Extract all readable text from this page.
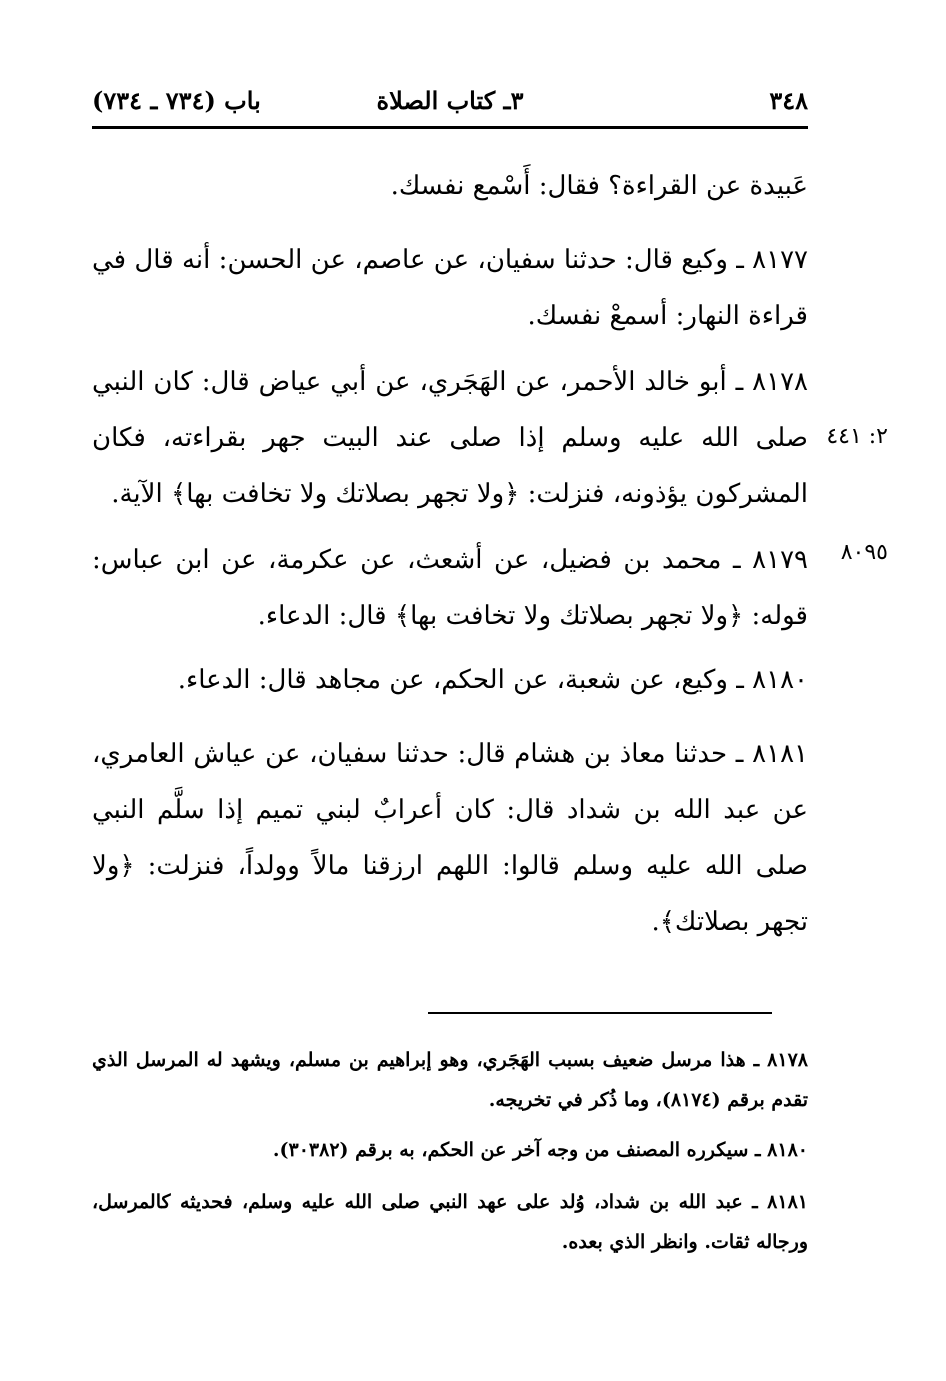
٣٤٨
٣ـ كتاب الصلاة
باب (٧٣٤ ـ ٧٣٤)

عَبيدة عن القراءة؟ فقال: أَسْمع نفسك.

٨١٧٧ ـ وكيع قال: حدثنا سفيان، عن عاصم، عن الحسن: أنه قال في قراءة النهار: أسمعْ نفسك.

٨١٧٨ ـ أبو خالد الأحمر، عن الهَجَري، عن أبي عياض قال: كان النبي صلى الله عليه وسلم إذا صلى عند البيت جهر بقراءته، فكان المشركون يؤذونه، فنزلت: ﴿ولا تجهر بصلاتك ولا تخافت بها﴾ الآية.

٢: ٤٤١

٨١٧٩ ـ محمد بن فضيل، عن أشعث، عن عكرمة، عن ابن عباس: قوله: ﴿ولا تجهر بصلاتك ولا تخافت بها﴾ قال: الدعاء.

٨٠٩٥

٨١٨٠ ـ وكيع، عن شعبة، عن الحكم، عن مجاهد قال: الدعاء.

٨١٨١ ـ حدثنا معاذ بن هشام قال: حدثنا سفيان، عن عياش العامري، عن عبد الله بن شداد قال: كان أعرابٌ لبني تميم إذا سلَّم النبي صلى الله عليه وسلم قالوا: اللهم ارزقنا مالاً وولداً، فنزلت: ﴿ولا تجهر بصلاتك﴾.

٨١٧٨ ـ هذا مرسل ضعيف بسبب الهَجَري، وهو إبراهيم بن مسلم، ويشهد له المرسل الذي تقدم برقم (٨١٧٤)، وما ذُكر في تخريجه.

٨١٨٠ ـ سيكرره المصنف من وجه آخر عن الحكم، به برقم (٣٠٣٨٢).

٨١٨١ ـ عبد الله بن شداد، وُلد على عهد النبي صلى الله عليه وسلم، فحديثه كالمرسل، ورجاله ثقات. وانظر الذي بعده.
